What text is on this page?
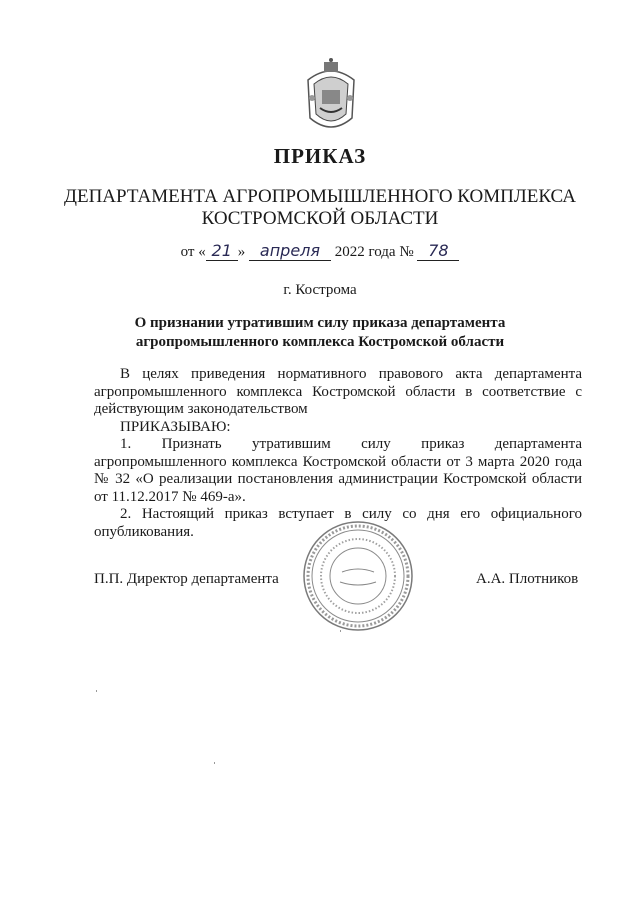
ПРИКАЗ
ДЕПАРТАМЕНТА АГРОПРОМЫШЛЕННОГО КОМПЛЕКСА
КОСТРОМСКОЙ ОБЛАСТИ
от « 21 » апреля 2022 года № 78
г. Кострома
О признании утратившим силу приказа департамента
агропромышленного комплекса Костромской области

В целях приведения нормативного правового акта департамента агропромышленного комплекса Костромской области в соответствие с действующим законодательством

ПРИКАЗЫВАЮ:

1. Признать утратившим силу приказ департамента агропромышленного комплекса Костромской области от 3 марта 2020 года № 32 «О реализации постановления администрации Костромской области от 11.12.2017 № 469-а».

2. Настоящий приказ вступает в силу со дня его официального опубликования.

П.П. Директор департамента	А.А. Плотников
